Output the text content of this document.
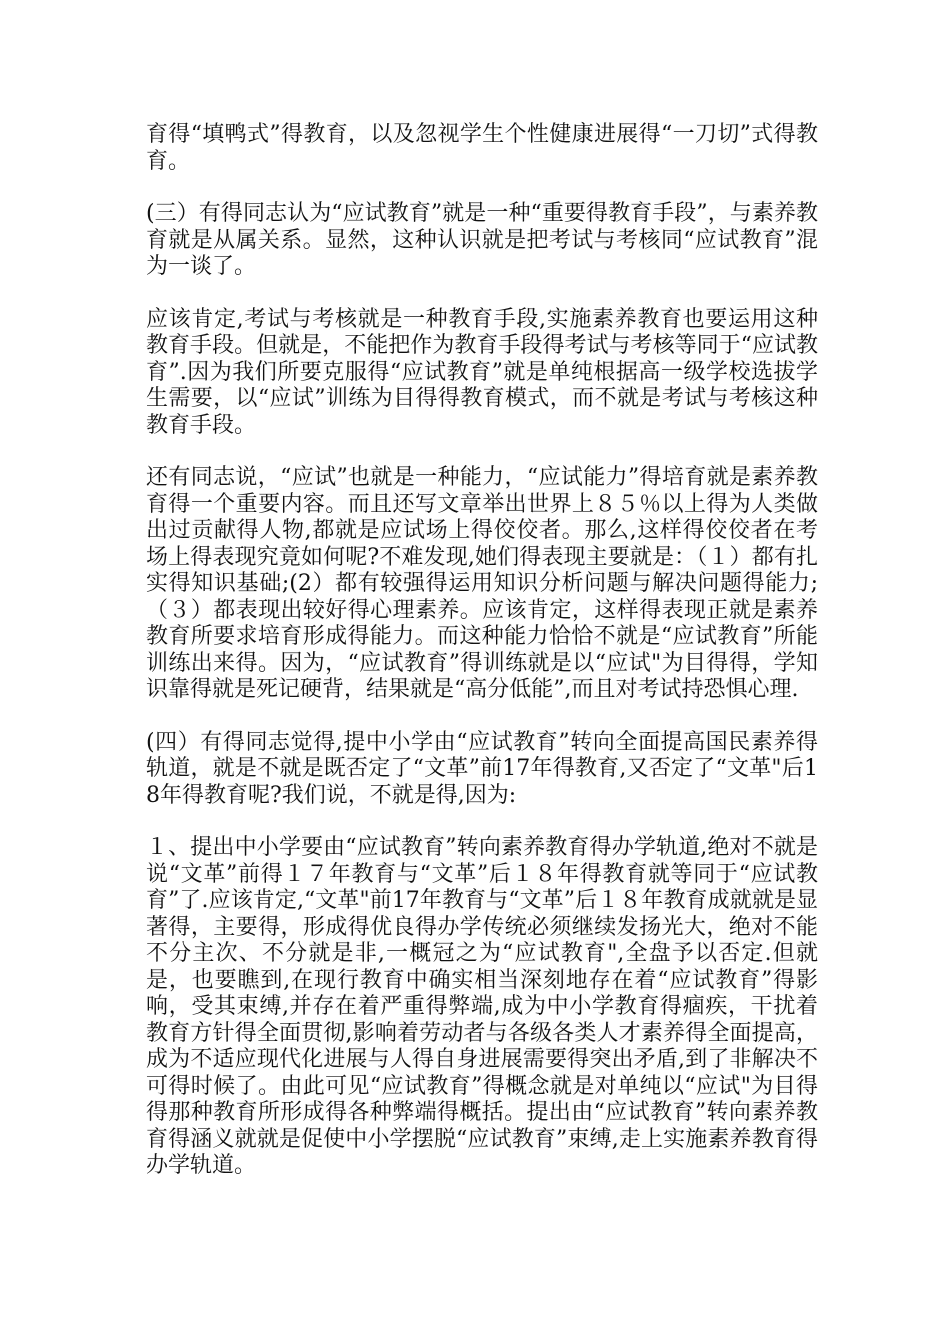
育得“填鸭式”得教育，以及忽视学生个性健康进展得“一刀切”式得教育。

(三）有得同志认为“应试教育”就是一种“重要得教育手段”，与素养教育就是从属关系。显然，这种认识就是把考试与考核同“应试教育”混为一谈了。

应该肯定,考试与考核就是一种教育手段,实施素养教育也要运用这种教育手段。但就是，不能把作为教育手段得考试与考核等同于“应试教育”.因为我们所要克服得“应试教育”就是单纯根据高一级学校选拔学生需要，以“应试”训练为目得得教育模式，而不就是考试与考核这种教育手段。

还有同志说，“应试”也就是一种能力，“应试能力”得培育就是素养教育得一个重要内容。而且还写文章举出世界上８５％以上得为人类做出过贡献得人物,都就是应试场上得佼佼者。那么,这样得佼佼者在考场上得表现究竟如何呢?不难发现,她们得表现主要就是：（１）都有扎实得知识基础;(2）都有较强得运用知识分析问题与解决问题得能力;（３）都表现出较好得心理素养。应该肯定，这样得表现正就是素养教育所要求培育形成得能力。而这种能力恰恰不就是“应试教育”所能训练出来得。因为，“应试教育”得训练就是以“应试"为目得得，学知识靠得就是死记硬背，结果就是“高分低能”,而且对考试持恐惧心理.

(四）有得同志觉得,提中小学由“应试教育”转向全面提高国民素养得轨道，就是不就是既否定了“文革”前17年得教育,又否定了“文革"后18年得教育呢?我们说，不就是得,因为:

１、提出中小学要由“应试教育”转向素养教育得办学轨道,绝对不就是说“文革”前得１７年教育与“文革”后１８年得教育就等同于“应试教育”了.应该肯定,“文革"前17年教育与“文革”后１８年教育成就就是显著得，主要得，形成得优良得办学传统必须继续发扬光大，绝对不能不分主次、不分就是非,一概冠之为“应试教育",全盘予以否定.但就是，也要瞧到,在现行教育中确实相当深刻地存在着“应试教育”得影响，受其束缚,并存在着严重得弊端,成为中小学教育得痼疾，干扰着教育方针得全面贯彻,影响着劳动者与各级各类人才素养得全面提高，成为不适应现代化进展与人得自身进展需要得突出矛盾,到了非解决不可得时候了。由此可见“应试教育”得概念就是对单纯以“应试"为目得得那种教育所形成得各种弊端得概括。提出由“应试教育”转向素养教育得涵义就就是促使中小学摆脱“应试教育”束缚,走上实施素养教育得办学轨道。
